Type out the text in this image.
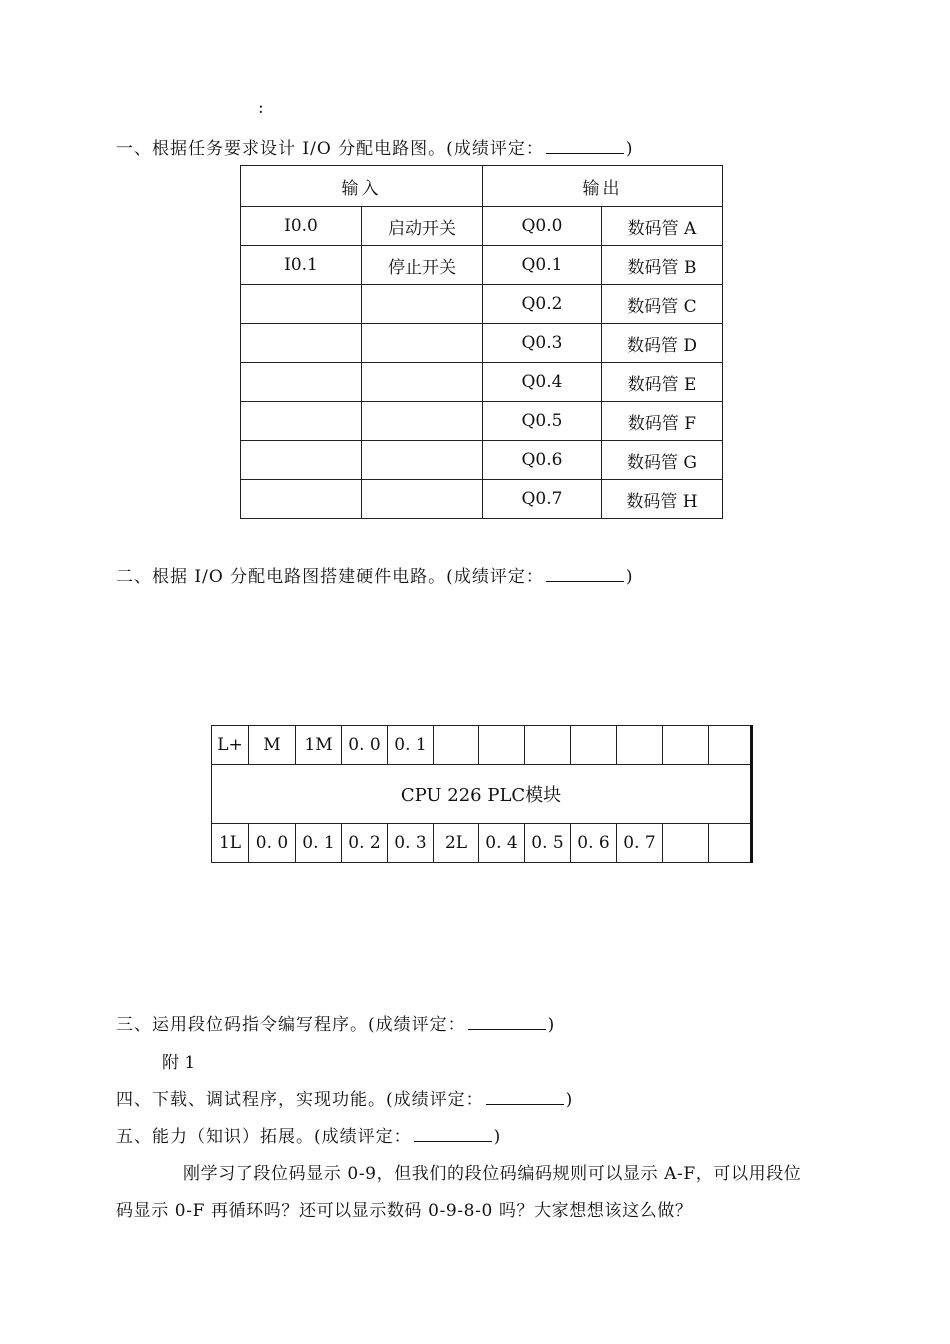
:
一、根据任务要求设计 I/O 分配电路图。(成绩评定：	)
输入		输出	
I0.0	启动开关	Q0.0	数码管 A
I0.1	停止开关	Q0.1	数码管 B
		Q0.2	数码管 C
		Q0.3	数码管 D
		Q0.4	数码管 E
		Q0.5	数码管 F
		Q0.6	数码管 G
		Q0.7	数码管 H
二、根据 I/O 分配电路图搭建硬件电路。(成绩评定：	)
L+	M	1M	0. 0	0. 1							
CPU 226 PLC模块											
1L	0. 0	0. 1	0. 2	0. 3	2L	0. 4	0. 5	0. 6	0. 7		
三、运用段位码指令编写程序。(成绩评定：	)
附 1
四、下载、调试程序，实现功能。(成绩评定：	)
五、能力（知识）拓展。(成绩评定：	)
刚学习了段位码显示 0-9，但我们的段位码编码规则可以显示 A-F，可以用段位
码显示 0-F 再循环吗？还可以显示数码 0-9-8-0 吗？大家想想该这么做？
